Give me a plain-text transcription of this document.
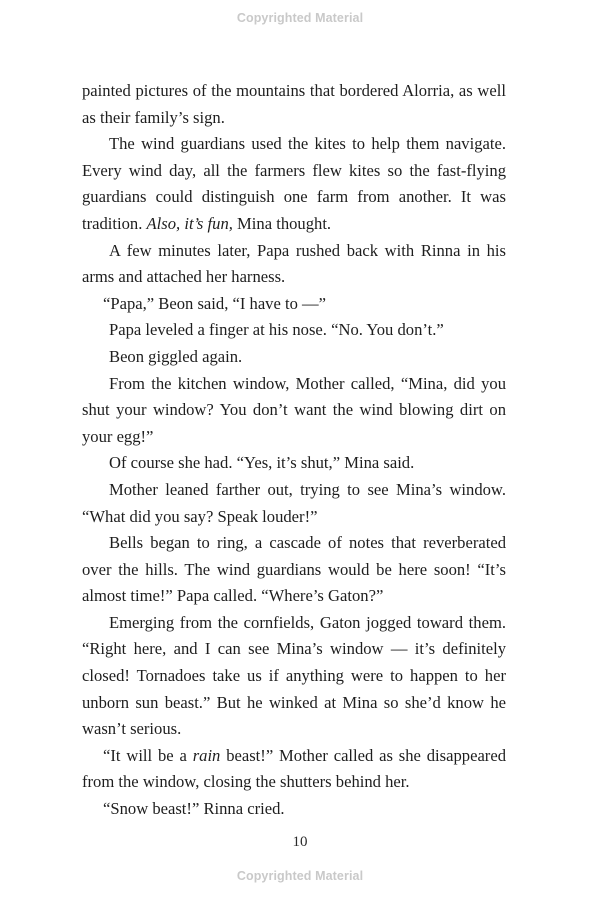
Copyrighted Material

painted pictures of the mountains that bordered Alorria, as well as their family’s sign.

The wind guardians used the kites to help them navigate. Every wind day, all the farmers flew kites so the fast-flying guardians could distinguish one farm from another. It was tradition. Also, it’s fun, Mina thought.

A few minutes later, Papa rushed back with Rinna in his arms and attached her harness.

“Papa,” Beon said, “I have to —”

Papa leveled a finger at his nose. “No. You don’t.”

Beon giggled again.

From the kitchen window, Mother called, “Mina, did you shut your window? You don’t want the wind blowing dirt on your egg!”

Of course she had. “Yes, it’s shut,” Mina said.

Mother leaned farther out, trying to see Mina’s window. “What did you say? Speak louder!”

Bells began to ring, a cascade of notes that reverberated over the hills. The wind guardians would be here soon! “It’s almost time!” Papa called. “Where’s Gaton?”

Emerging from the cornfields, Gaton jogged toward them. “Right here, and I can see Mina’s window — it’s definitely closed! Tornadoes take us if anything were to happen to her unborn sun beast.” But he winked at Mina so she’d know he wasn’t serious.

“It will be a rain beast!” Mother called as she disappeared from the window, closing the shutters behind her.

“Snow beast!” Rinna cried.

10
Copyrighted Material
